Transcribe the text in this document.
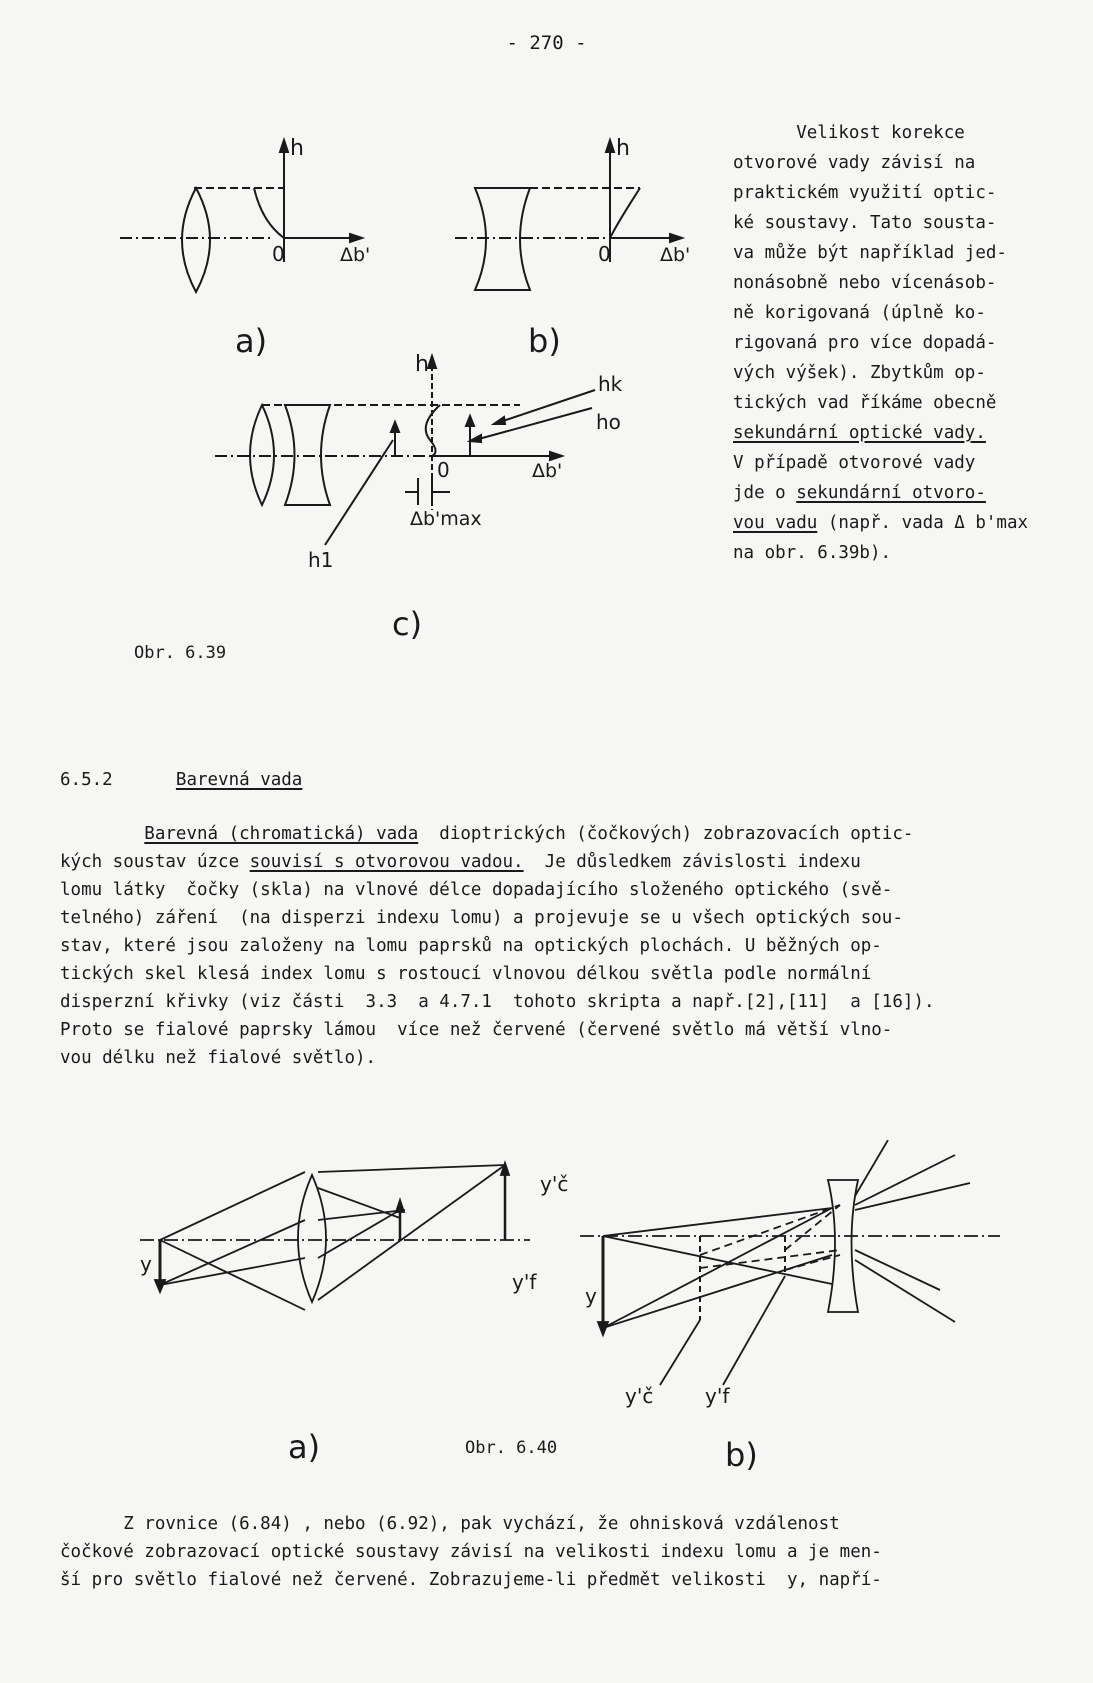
- 270 -
h
0	Δb'
h
0	Δb'
h
0	Δb'
hk
ho
h1
Δb'max
a)	b)
c)
Obr. 6.39
Velikost korekce
otvorové vady závisí na
praktickém využití optic-
ké soustavy. Tato sousta-
va může být například jed-
nonásobně nebo vícenásob-
ně korigovaná (úplně ko-
rigovaná pro více dopadá-
vých výšek). Zbytkům op-
tických vad říkáme obecně
sekundární optické vady.
V případě otvorové vady
jde o sekundární otvoro-
vou vadu (např. vada Δ b'max
na obr. 6.39b).
6.5.2	Barevná vada
Barevná (chromatická) vada  dioptrických (čočkových) zobrazovacích optic-
kých soustav úzce souvisí s otvorovou vadou.  Je důsledkem závislosti indexu
lomu látky  čočky (skla) na vlnové délce dopadajícího složeného optického (svě-
telného) záření  (na disperzi indexu lomu) a projevuje se u všech optických sou-
stav, které jsou založeny na lomu paprsků na optických plochách. U běžných op-
tických skel klesá index lomu s rostoucí vlnovou délkou světla podle normální
disperzní křivky (viz části  3.3  a 4.7.1  tohoto skripta a např.[2],[11]  a [16]).
Proto se fialové paprsky lámou  více než červené (červené světlo má větší vlno-
vou délku než fialové světlo).
y
y'č
y'f
y
y'č	y'f
a)	b)
Obr. 6.40
Z rovnice (6.84) , nebo (6.92), pak vychází, že ohnisková vzdálenost
čočkové zobrazovací optické soustavy závisí na velikosti indexu lomu a je men-
ší pro světlo fialové než červené. Zobrazujeme-li předmět velikosti  y, napří-
